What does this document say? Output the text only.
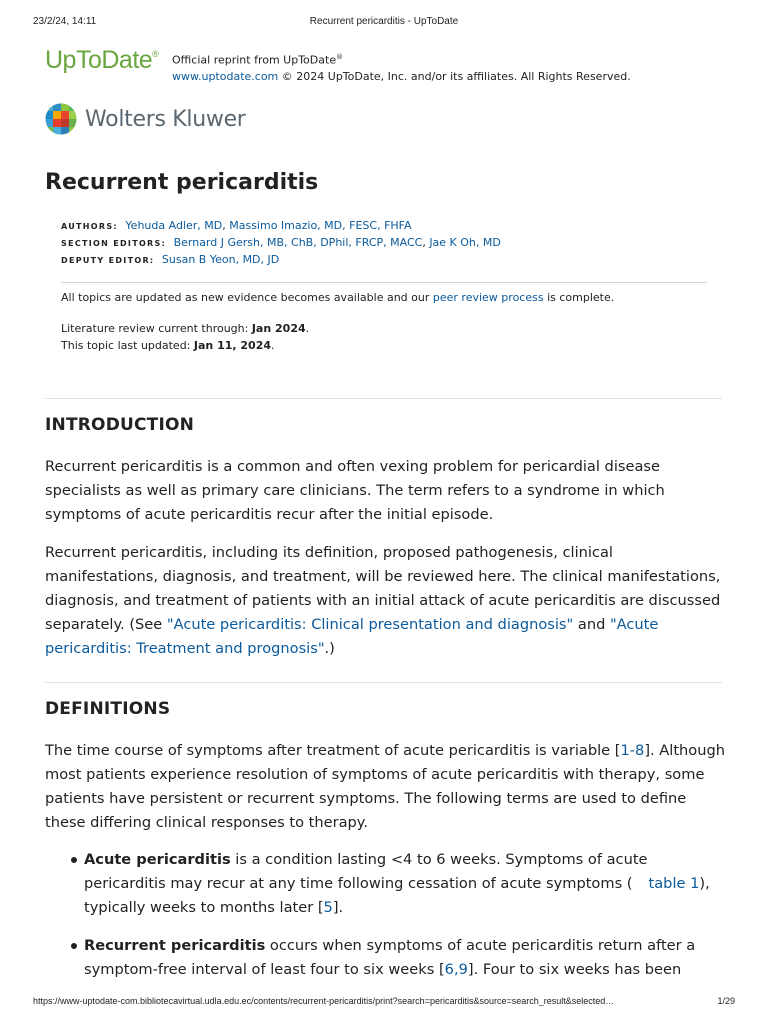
23/2/24, 14:11	Recurrent pericarditis - UpToDate
UpToDate® Official reprint from UpToDate®
www.uptodate.com © 2024 UpToDate, Inc. and/or its affiliates. All Rights Reserved.
Wolters Kluwer
Recurrent pericarditis
AUTHORS: Yehuda Adler, MD, Massimo Imazio, MD, FESC, FHFA
SECTION EDITORS: Bernard J Gersh, MB, ChB, DPhil, FRCP, MACC, Jae K Oh, MD
DEPUTY EDITOR: Susan B Yeon, MD, JD
All topics are updated as new evidence becomes available and our peer review process is complete.
Literature review current through: Jan 2024.
This topic last updated: Jan 11, 2024.
INTRODUCTION

Recurrent pericarditis is a common and often vexing problem for pericardial disease specialists as well as primary care clinicians. The term refers to a syndrome in which symptoms of acute pericarditis recur after the initial episode.

Recurrent pericarditis, including its definition, proposed pathogenesis, clinical manifestations, diagnosis, and treatment, will be reviewed here. The clinical manifestations, diagnosis, and treatment of patients with an initial attack of acute pericarditis are discussed separately. (See "Acute pericarditis: Clinical presentation and diagnosis" and "Acute pericarditis: Treatment and prognosis".)

DEFINITIONS

The time course of symptoms after treatment of acute pericarditis is variable [1-8]. Although most patients experience resolution of symptoms of acute pericarditis with therapy, some patients have persistent or recurrent symptoms. The following terms are used to define these differing clinical responses to therapy.

Acute pericarditis is a condition lasting <4 to 6 weeks. Symptoms of acute pericarditis may recur at any time following cessation of acute symptoms ( table 1), typically weeks to months later [5].
Recurrent pericarditis occurs when symptoms of acute pericarditis return after a symptom-free interval of least four to six weeks [6,9]. Four to six weeks has been
https://www-uptodate-com.bibliotecavirtual.udla.edu.ec/contents/recurrent-pericarditis/print?search=pericarditis&source=search_result&selected…	1/29
